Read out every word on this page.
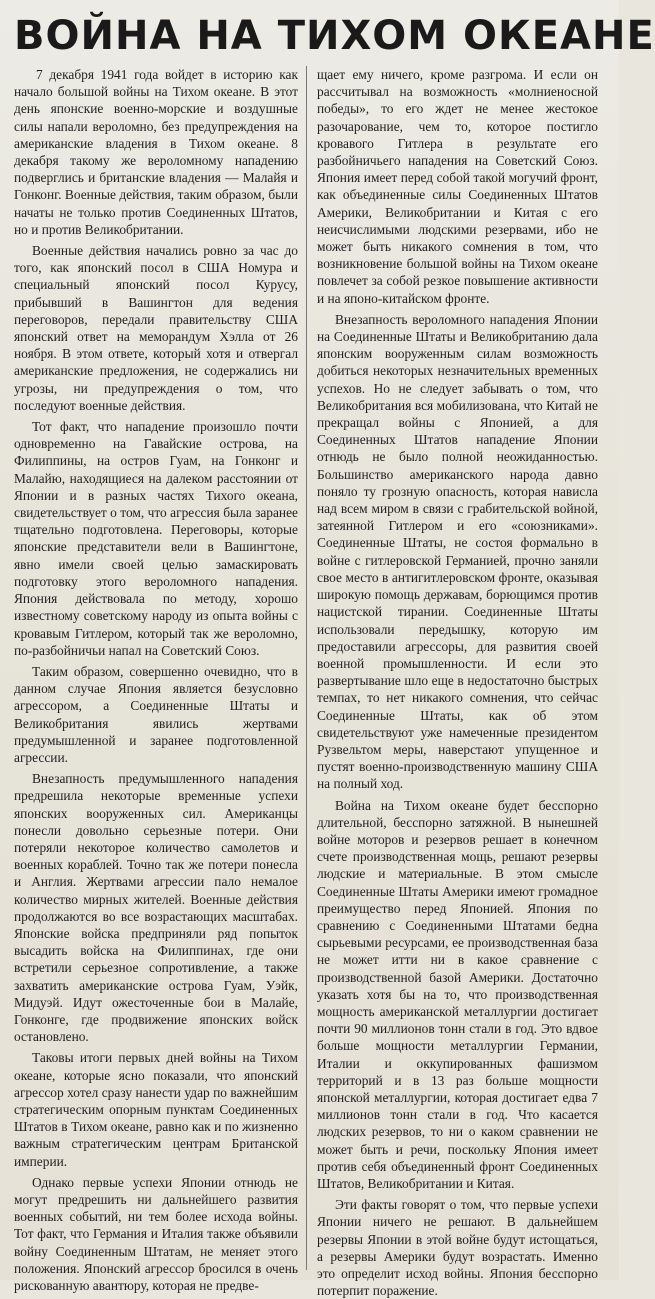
ВОЙНА НА ТИХОМ ОКЕАНЕ

7 декабря 1941 года войдет в историю как начало большой войны на Тихом океане. В этот день японские военно-морские и воздушные силы напали вероломно, без предупреждения на американские владения в Тихом океане. 8 декабря такому же вероломному нападению подверглись и британские владения — Малайя и Гонконг. Военные действия, таким образом, были начаты не только против Соединенных Штатов, но и против Великобритании.

Военные действия начались ровно за час до того, как японский посол в США Номура и специальный японский посол Курусу, прибывший в Вашингтон для ведения переговоров, передали правительству США японский ответ на меморандум Хэлла от 26 ноября. В этом ответе, который хотя и отвергал американские предложения, не содержались ни угрозы, ни предупреждения о том, что последуют военные действия.

Тот факт, что нападение произошло почти одновременно на Гавайские острова, на Филиппины, на остров Гуам, на Гонконг и Малайю, находящиеся на далеком расстоянии от Японии и в разных частях Тихого океана, свидетельствует о том, что агрессия была заранее тщательно подготовлена. Переговоры, которые японские представители вели в Вашингтоне, явно имели своей целью замаскировать подготовку этого вероломного нападения. Япония действовала по методу, хорошо известному советскому народу из опыта войны с кровавым Гитлером, который так же вероломно, по-разбойничьи напал на Советский Союз.

Таким образом, совершенно очевидно, что в данном случае Япония является безусловно агрессором, а Соединенные Штаты и Великобритания явились жертвами предумышленной и заранее подготовленной агрессии.

Внезапность предумышленного нападения предрешила некоторые временные успехи японских вооруженных сил. Американцы понесли довольно серьезные потери. Они потеряли некоторое количество самолетов и военных кораблей. Точно так же потери понесла и Англия. Жертвами агрессии пало немалое количество мирных жителей. Военные действия продолжаются во все возрастающих масштабах. Японские войска предприняли ряд попыток высадить войска на Филиппинах, где они встретили серьезное сопротивление, а также захватить американские острова Гуам, Уэйк, Мидуэй. Идут ожесточенные бои в Малайе, Гонконге, где продвижение японских войск остановлено.

Таковы итоги первых дней войны на Тихом океане, которые ясно показали, что японский агрессор хотел сразу нанести удар по важнейшим стратегическим опорным пунктам Соединенных Штатов в Тихом океане, равно как и по жизненно важным стратегическим центрам Британской империи.

Однако первые успехи Японии отнюдь не могут предрешить ни дальнейшего развития военных событий, ни тем более исхода войны. Тот факт, что Германия и Италия также объявили войну Соединенным Штатам, не меняет этого положения. Японский агрессор бросился в очень рискованную авантюру, которая не предве-

щает ему ничего, кроме разгрома. И если он рассчитывал на возможность «молниеносной победы», то его ждет не менее жестокое разочарование, чем то, которое постигло кровавого Гитлера в результате его разбойничьего нападения на Советский Союз. Япония имеет перед собой такой могучий фронт, как объединенные силы Соединенных Штатов Америки, Великобритании и Китая с его неисчислимыми людскими резервами, ибо не может быть никакого сомнения в том, что возникновение большой войны на Тихом океане повлечет за собой резкое повышение активности и на японо-китайском фронте.

Внезапность вероломного нападения Японии на Соединенные Штаты и Великобританию дала японским вооруженным силам возможность добиться некоторых незначительных временных успехов. Но не следует забывать о том, что Великобритания вся мобилизована, что Китай не прекращал войны с Японией, а для Соединенных Штатов нападение Японии отнюдь не было полной неожиданностью. Большинство американского народа давно поняло ту грозную опасность, которая нависла над всем миром в связи с грабительской войной, затеянной Гитлером и его «союзниками». Соединенные Штаты, не состоя формально в войне с гитлеровской Германией, прочно заняли свое место в антигитлеровском фронте, оказывая широкую помощь державам, борющимся против нацистской тирании. Соединенные Штаты использовали передышку, которую им предоставили агрессоры, для развития своей военной промышленности. И если это развертывание шло еще в недостаточно быстрых темпах, то нет никакого сомнения, что сейчас Соединенные Штаты, как об этом свидетельствуют уже намеченные президентом Рузвельтом меры, наверстают упущенное и пустят военно-производственную машину США на полный ход.

Война на Тихом океане будет бесспорно длительной, бесспорно затяжной. В нынешней войне моторов и резервов решает в конечном счете производственная мощь, решают резервы людские и материальные. В этом смысле Соединенные Штаты Америки имеют громадное преимущество перед Японией. Япония по сравнению с Соединенными Штатами бедна сырьевыми ресурсами, ее производственная база не может итти ни в какое сравнение с производственной базой Америки. Достаточно указать хотя бы на то, что производственная мощность американской металлургии достигает почти 90 миллионов тонн стали в год. Это вдвое больше мощности металлургии Германии, Италии и оккупированных фашизмом территорий и в 13 раз больше мощности японской металлургии, которая достигает едва 7 миллионов тонн стали в год. Что касается людских резервов, то ни о каком сравнении не может быть и речи, поскольку Япония имеет против себя объединенный фронт Соединенных Штатов, Великобритании и Китая.

Эти факты говорят о том, что первые успехи Японии ничего не решают. В дальнейшем резервы Японии в этой войне будут истощаться, а резервы Америки будут возрастать. Именно это определит исход войны. Япония бесспорно потерпит поражение.
